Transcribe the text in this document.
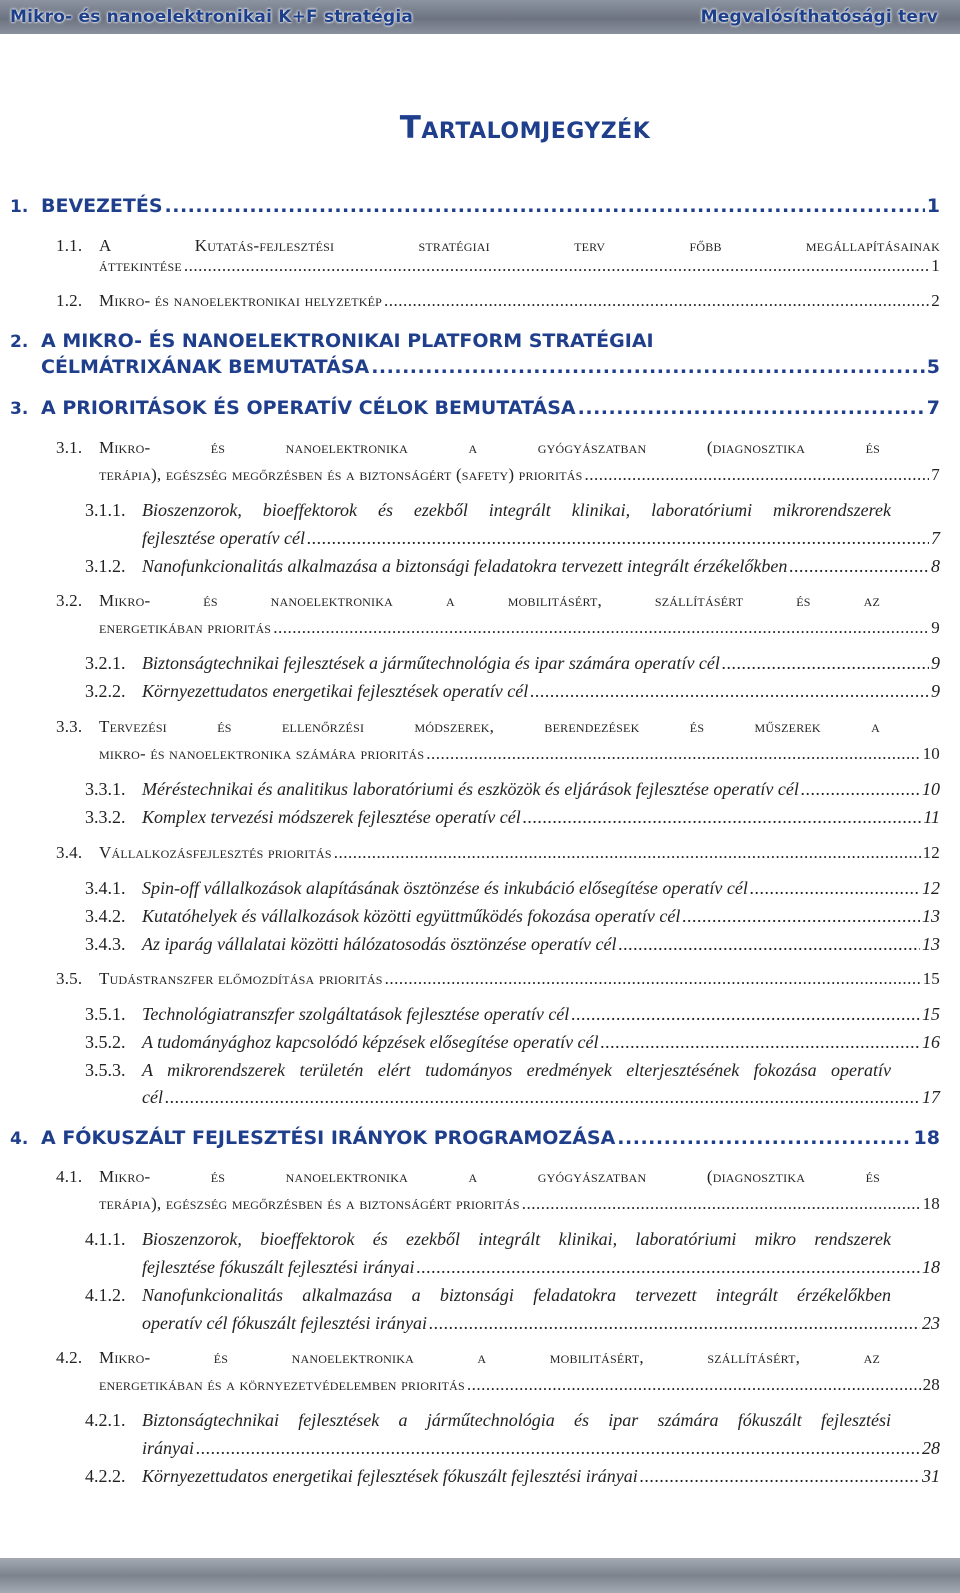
Mikro- és nanoelektronikai K+F stratégia	Megvalósíthatósági terv
Tartalomjegyzék
1. BEVEZETÉS .....	1
1.1. A Kutatás-fejlesztési stratégiai terv főbb megállapításainak
áttekintése .....	1
1.2. Mikro- és nanoelektronikai helyzetkép .....	2
2. A MIKRO- ÉS NANOELEKTRONIKAI PLATFORM STRATÉGIAI
CÉLMÁTRIXÁNAK BEMUTATÁSA .....	5
3. A PRIORITÁSOK ÉS OPERATÍV CÉLOK BEMUTATÁSA .....	7
3.1. Mikro- és nanoelektronika a gyógyászatban (diagnosztika és
terápia), egészség megőrzésben és a biztonságért (safety) prioritás .....	7
3.1.1. Bioszenzorok, bioeffektorok és ezekből integrált klinikai, laboratóriumi mikrorendszerek
fejlesztése operatív cél .....	7
3.1.2. Nanofunkcionalitás alkalmazása a biztonsági feladatokra tervezett integrált érzékelőkben .....	8
3.2. Mikro- és nanoelektronika a mobilitásért, szállításért és az
energetikában prioritás .....	9
3.2.1. Biztonságtechnikai fejlesztések a járműtechnológia és ipar számára operatív cél .....	9
3.2.2. Környezettudatos energetikai fejlesztések operatív cél .....	9
3.3. Tervezési és ellenőrzési módszerek, berendezések és műszerek a
mikro- és nanoelektronika számára prioritás .....	10
3.3.1. Méréstechnikai és analitikus laboratóriumi és eszközök és eljárások fejlesztése operatív cél .....	10
3.3.2. Komplex tervezési módszerek fejlesztése operatív cél .....	11
3.4. Vállalkozásfejlesztés prioritás .....	12
3.4.1. Spin-off vállalkozások alapításának ösztönzése és inkubáció elősegítése operatív cél .....	12
3.4.2. Kutatóhelyek és vállalkozások közötti együttműködés fokozása operatív cél .....	13
3.4.3. Az iparág vállalatai közötti hálózatosodás ösztönzése operatív cél .....	13
3.5. Tudástranszfer előmozdítása prioritás .....	15
3.5.1. Technológiatranszfer szolgáltatások fejlesztése operatív cél .....	15
3.5.2. A tudományághoz kapcsolódó képzések elősegítése operatív cél .....	16
3.5.3. A mikrorendszerek területén elért tudományos eredmények elterjesztésének fokozása operatív
cél .....	17
4. A FÓKUSZÁLT FEJLESZTÉSI IRÁNYOK PROGRAMOZÁSA .....	18
4.1. Mikro- és nanoelektronika a gyógyászatban (diagnosztika és
terápia), egészség megőrzésben és a biztonságért prioritás .....	18
4.1.1. Bioszenzorok, bioeffektorok és ezekből integrált klinikai, laboratóriumi mikro rendszerek
fejlesztése fókuszált fejlesztési irányai .....	18
4.1.2. Nanofunkcionalitás alkalmazása a biztonsági feladatokra tervezett integrált érzékelőkben
operatív cél fókuszált fejlesztési irányai .....	23
4.2. Mikro- és nanoelektronika a mobilitásért, szállításért, az
energetikában és a környezetvédelemben prioritás .....	28
4.2.1. Biztonságtechnikai fejlesztések a járműtechnológia és ipar számára fókuszált fejlesztési
irányai .....	28
4.2.2. Környezettudatos energetikai fejlesztések fókuszált fejlesztési irányai .....	31
